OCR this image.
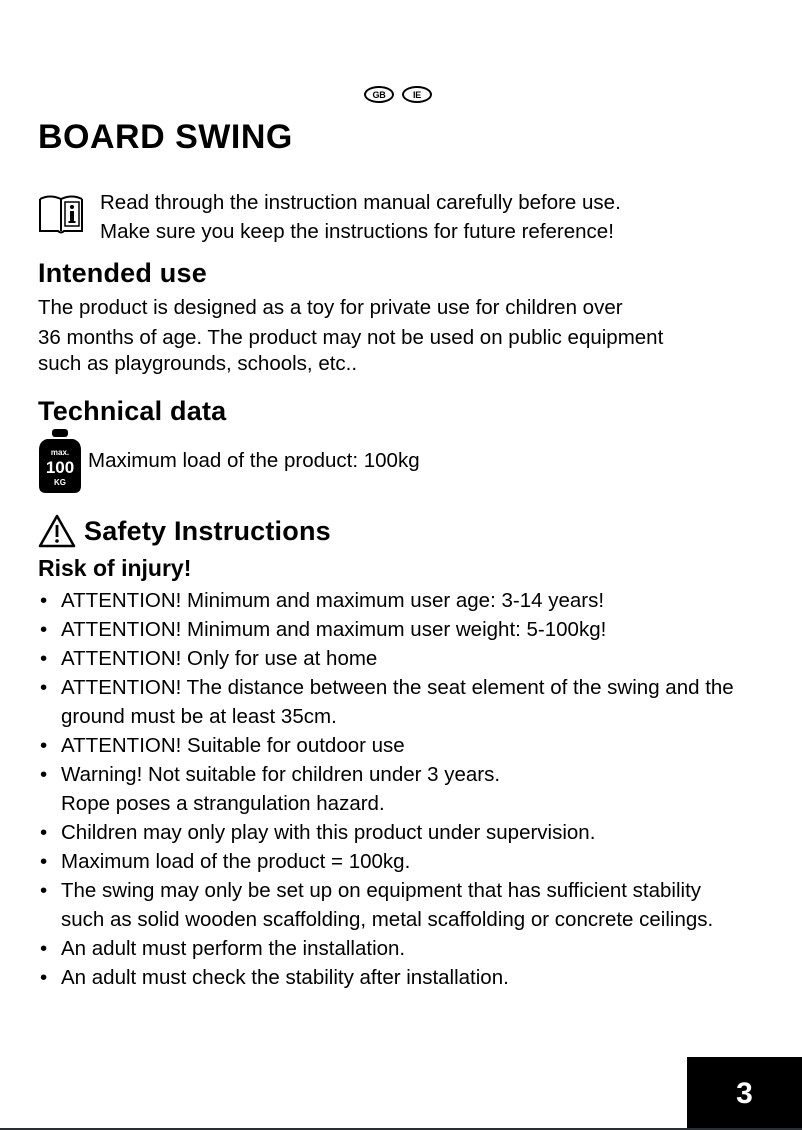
GB	IE
BOARD SWING
Read through the instruction manual carefully before use.
Make sure you keep the instructions for future reference!
Intended use
The product is designed as a toy for private use for children over
36 months of age. The product may not be used on public equipment
such as playgrounds, schools, etc..
Technical data
max.
100
KG
Maximum load of the product: 100kg
Safety Instructions
Risk of injury!
• ATTENTION! Minimum and maximum user age: 3-14 years!
• ATTENTION! Minimum and maximum user weight: 5-100kg!
• ATTENTION! Only for use at home
• ATTENTION! The distance between the seat element of the swing and the
ground must be at least 35cm.
• ATTENTION! Suitable for outdoor use
• Warning! Not suitable for children under 3 years.
Rope poses a strangulation hazard.
• Children may only play with this product under supervision.
• Maximum load of the product = 100kg.
• The swing may only be set up on equipment that has sufficient stability
such as solid wooden scaffolding, metal scaffolding or concrete ceilings.
• An adult must perform the installation.
• An adult must check the stability after installation.
3
